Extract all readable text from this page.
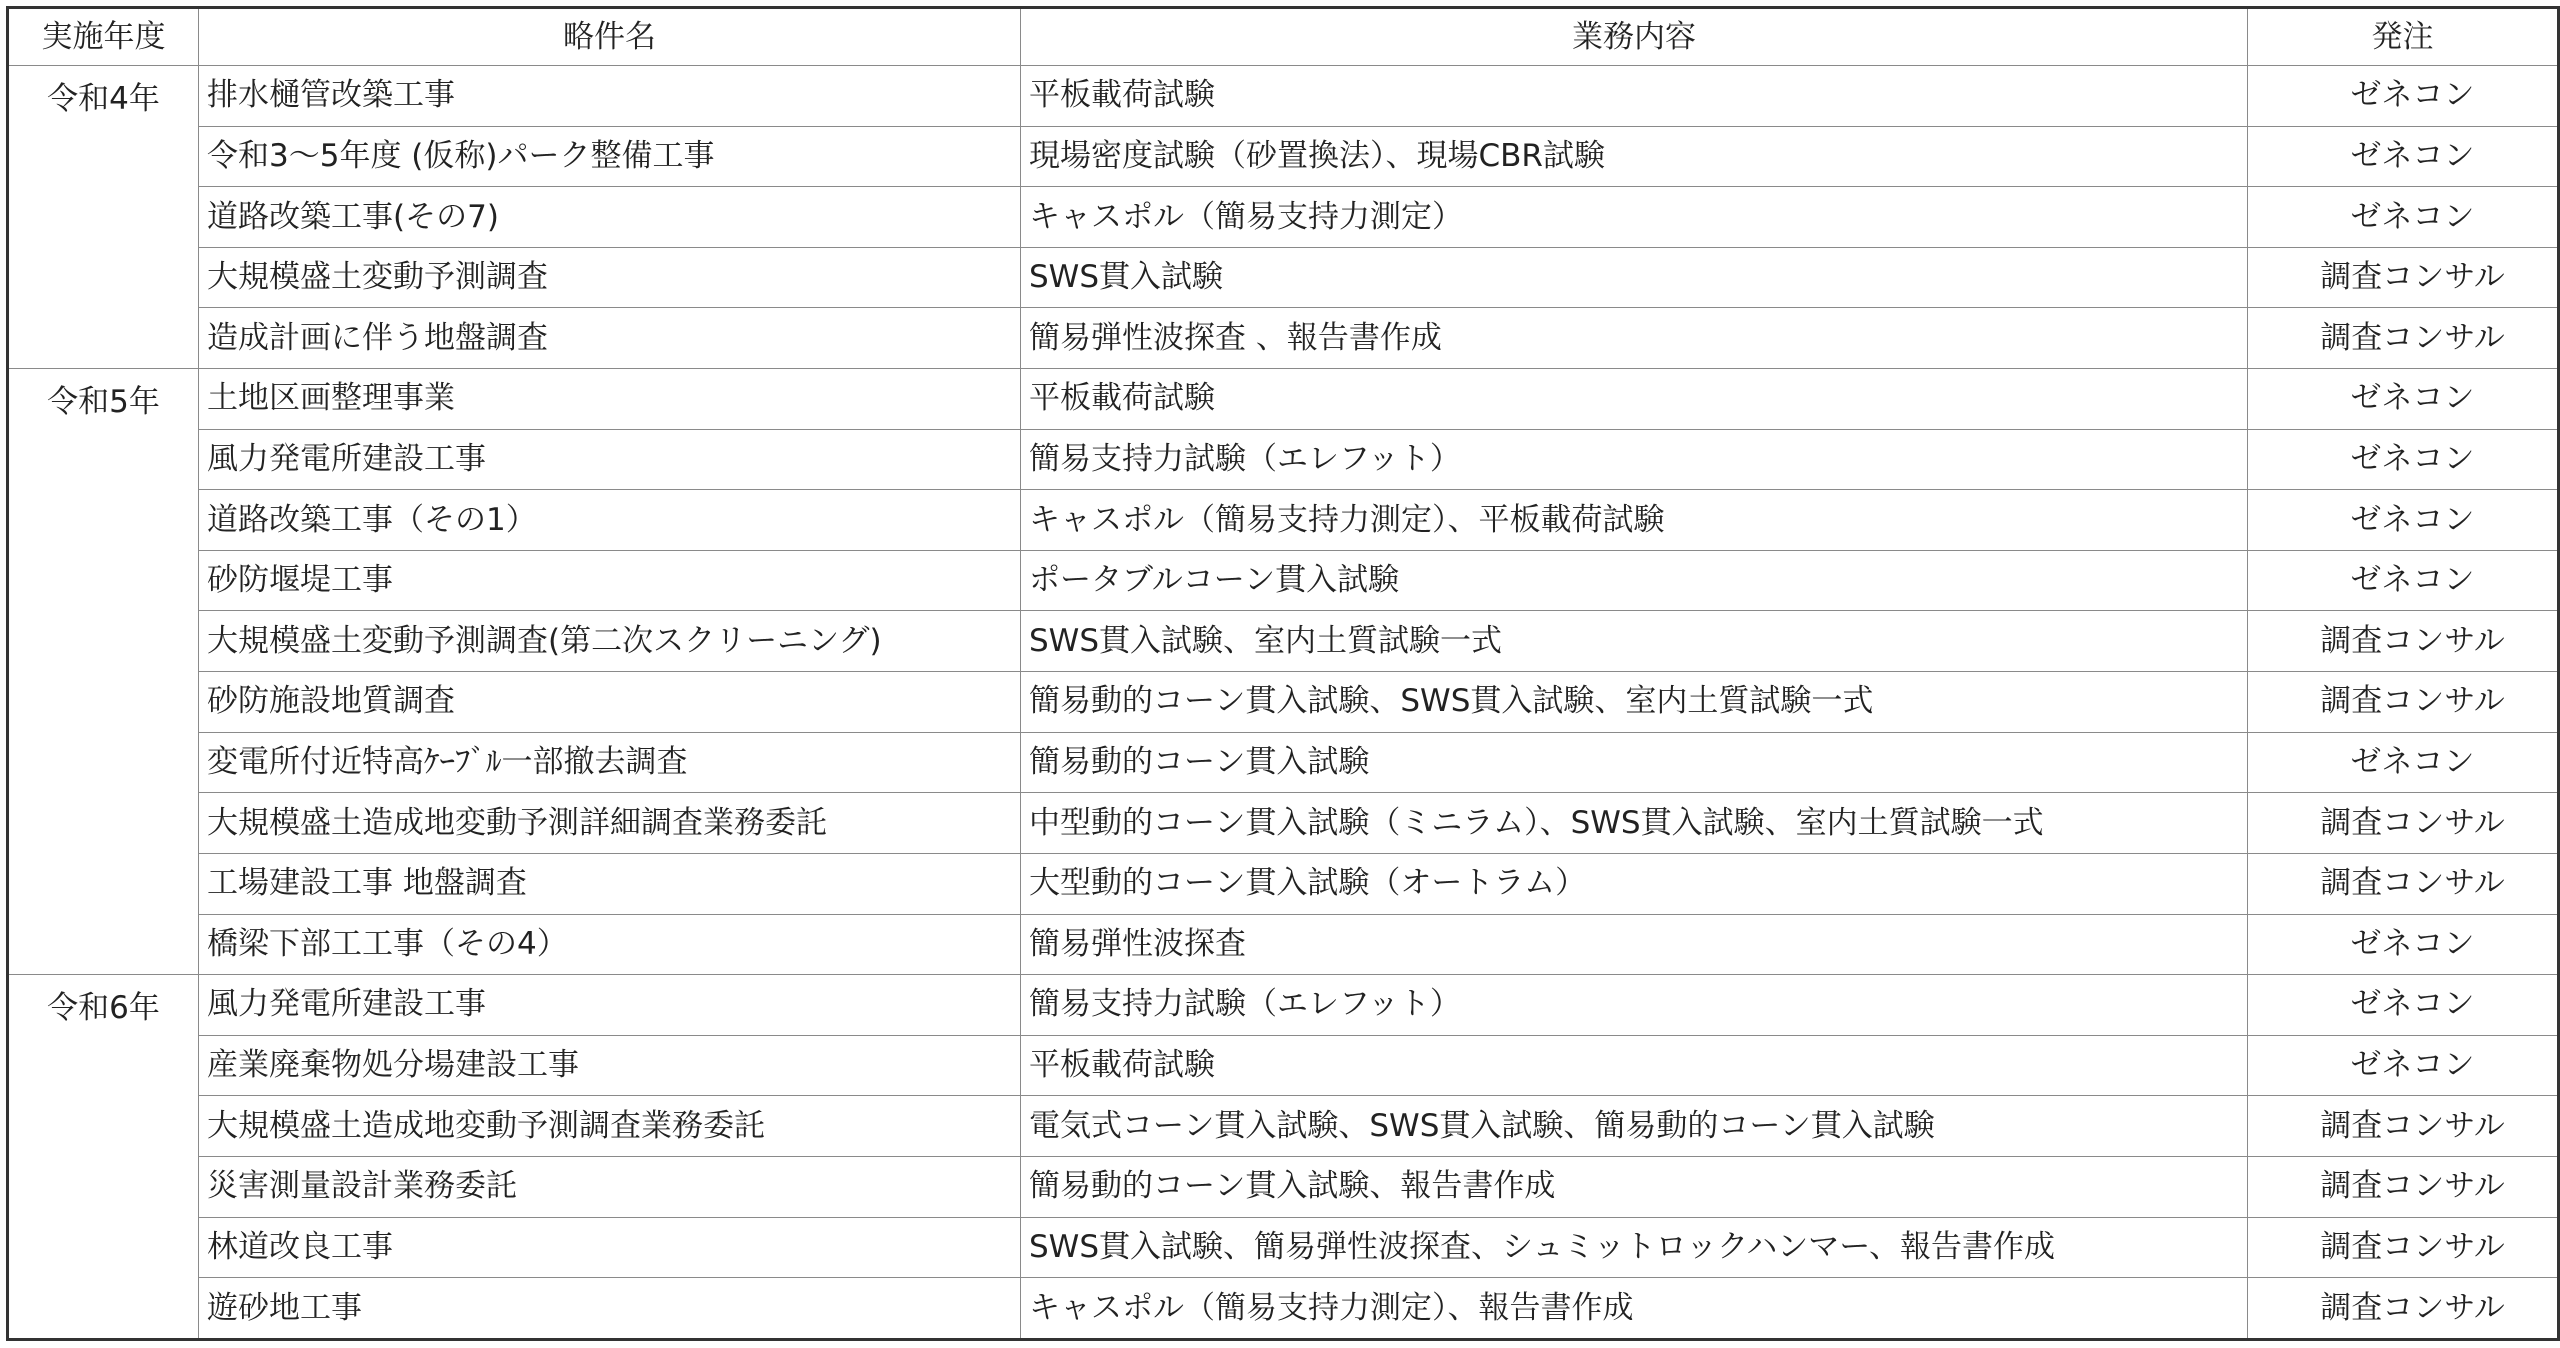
実施年度	略件名	業務内容	発注
令和4年	排水樋管改築工事	平板載荷試験	ゼネコン
	令和3～5年度 (仮称)パーク整備工事	現場密度試験（砂置換法）、現場CBR試験	ゼネコン
	道路改築工事(その7)	キャスポル（簡易支持力測定）	ゼネコン
	大規模盛土変動予測調査	SWS貫入試験	調査コンサル
	造成計画に伴う地盤調査	簡易弾性波探査 、報告書作成	調査コンサル
令和5年	土地区画整理事業	平板載荷試験	ゼネコン
	風力発電所建設工事	簡易支持力試験（エレフット）	ゼネコン
	道路改築工事（その1）	キャスポル（簡易支持力測定）、平板載荷試験	ゼネコン
	砂防堰堤工事	ポータブルコーン貫入試験	ゼネコン
	大規模盛土変動予測調査(第二次スクリーニング)	SWS貫入試験、室内土質試験一式	調査コンサル
	砂防施設地質調査	簡易動的コーン貫入試験、SWS貫入試験、室内土質試験一式	調査コンサル
	変電所付近特高ｹｰﾌﾞﾙ一部撤去調査	簡易動的コーン貫入試験	ゼネコン
	大規模盛土造成地変動予測詳細調査業務委託	中型動的コーン貫入試験（ミニラム）、SWS貫入試験、室内土質試験一式	調査コンサル
	工場建設工事 地盤調査	大型動的コーン貫入試験（オートラム）	調査コンサル
	橋梁下部工工事（その4）	簡易弾性波探査	ゼネコン
令和6年	風力発電所建設工事	簡易支持力試験（エレフット）	ゼネコン
	産業廃棄物処分場建設工事	平板載荷試験	ゼネコン
	大規模盛土造成地変動予測調査業務委託	電気式コーン貫入試験、SWS貫入試験、簡易動的コーン貫入試験	調査コンサル
	災害測量設計業務委託	簡易動的コーン貫入試験、報告書作成	調査コンサル
	林道改良工事	SWS貫入試験、簡易弾性波探査、シュミットロックハンマー、報告書作成	調査コンサル
	遊砂地工事	キャスポル（簡易支持力測定）、報告書作成	調査コンサル
